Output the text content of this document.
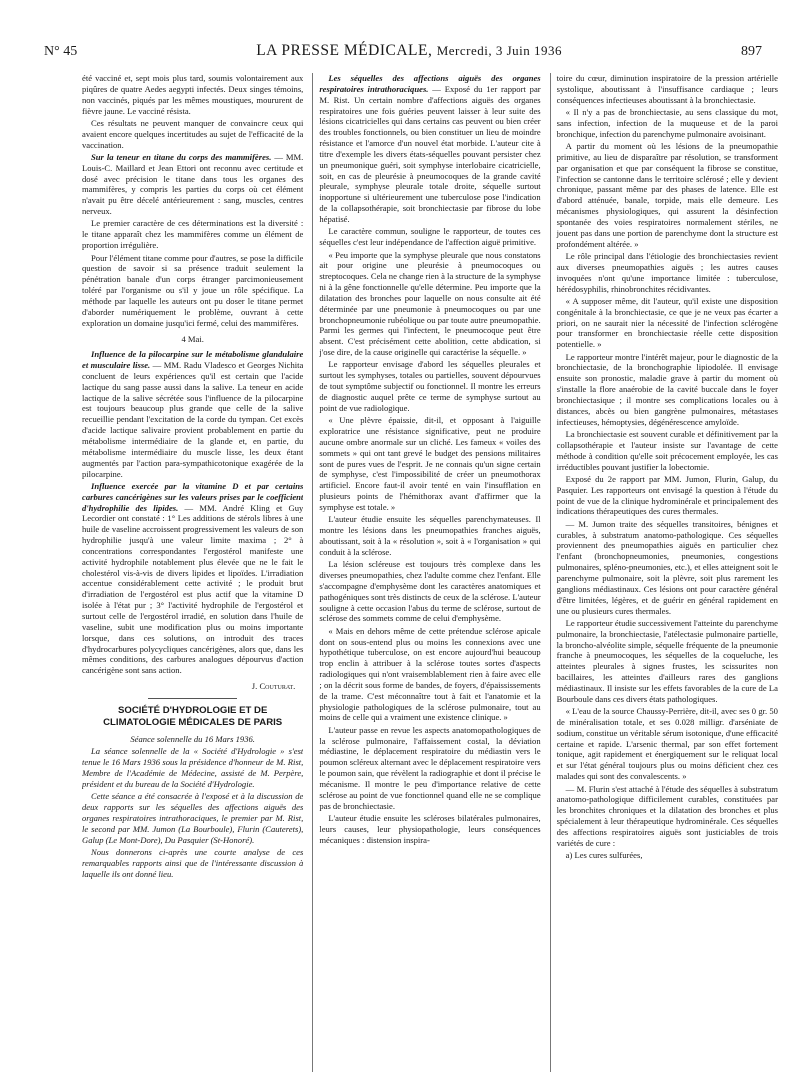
N° 45	LA PRESSE MÉDICALE, Mercredi, 3 Juin 1936	897

été vacciné et, sept mois plus tard, soumis volontairement aux piqûres de quatre Aedes aegypti infectés. Deux singes témoins, non vaccinés, piqués par les mêmes moustiques, moururent de fièvre jaune. Le vacciné résista.

Ces résultats ne peuvent manquer de convaincre ceux qui avaient encore quelques incertitudes au sujet de l'efficacité de la vaccination.

Sur la teneur en titane du corps des mammifères. — MM. Louis-C. Maillard et Jean Ettori ont reconnu avec certitude et dosé avec précision le titane dans tous les organes des mammifères, y compris les parties du corps où cet élément n'avait pu être décelé antérieurement : sang, muscles, centres nerveux.

Le premier caractère de ces déterminations est la diversité : le titane apparaît chez les mammifères comme un élément de proportion irrégulière.

Pour l'élément titane comme pour d'autres, se pose la difficile question de savoir si sa présence traduit seulement la pénétration banale d'un corps étranger parcimonieusement toléré par l'organisme ou s'il y joue un rôle spécifique. La méthode par laquelle les auteurs ont pu doser le titane permet d'aborder numériquement le problème, ouvrant à cette exploration un domaine jusqu'ici fermé, celui des mammifères.

4 Mai.

Influence de la pilocarpine sur le métabolisme glandulaire et musculaire lisse. — MM. Radu Vladesco et Georges Nichita concluent de leurs expériences qu'il est certain que l'acide lactique du sang passe aussi dans la salive. La teneur en acide lactique de la salive sécrétée sous l'influence de la pilocarpine est toujours beaucoup plus grande que celle de la salive recueillie pendant l'excitation de la corde du tympan. Cet excès d'acide lactique salivaire provient probablement en partie du métabolisme intermédiaire de la glande et, en partie, du métabolisme intermédiaire du muscle lisse, les deux étant augmentés par l'action para-sympathicotonique exagérée de la pilocarpine.

Influence exercée par la vitamine D et par certains carbures cancérigènes sur les valeurs prises par le coefficient d'hydrophilie des lipides. — MM. André Kling et Guy Lecordier ont constaté : 1° Les additions de stérols libres à une huile de vaseline accroissent progressivement les valeurs de son hydrophilie jusqu'à une valeur limite maxima ; 2° à concentrations correspondantes l'ergostérol manifeste une activité hydrophile notablement plus élevée que ne le fait le cholestérol vis-à-vis de divers lipides et lipoïdes. L'irradiation accentue considérablement cette activité ; le produit brut d'irradiation de l'ergostérol est plus actif que la vitamine D isolée à l'état pur ; 3° l'activité hydrophile de l'ergostérol et surtout celle de l'ergostérol irradié, en solution dans l'huile de vaseline, subit une modification plus ou moins importante lorsque, dans ces solutions, on introduit des traces d'hydrocarbures polycycliques cancérigènes, alors que, dans les mêmes conditions, des carbures analogues dépourvus d'action cancérigène sont sans action.

J. Couturat.

SOCIÉTÉ D'HYDROLOGIE ET DE CLIMATOLOGIE MÉDICALES DE PARIS

Séance solennelle du 16 Mars 1936.

La séance solennelle de la « Société d'Hydrologie » s'est tenue le 16 Mars 1936 sous la présidence d'honneur de M. Rist, Membre de l'Académie de Médecine, assisté de M. Perpère, président et du bureau de la Société d'Hydrologie.

Cette séance a été consacrée à l'exposé et à la discussion de deux rapports sur les séquelles des affections aiguës des organes respiratoires intrathoraciques, le premier par M. Rist, le second par MM. Jumon (La Bourboule), Flurin (Cauterets), Galup (Le Mont-Dore), Du Pasquier (St-Honoré).

Nous donnerons ci-après une courte analyse de ces remarquables rapports ainsi que de l'intéressante discussion à laquelle ils ont donné lieu.

Les séquelles des affections aiguës des organes respiratoires intrathoraciques. — Exposé du 1er rapport par M. Rist. Un certain nombre d'affections aiguës des organes respiratoires une fois guéries peuvent laisser à leur suite des lésions cicatricielles qui dans certains cas peuvent ou bien créer des troubles fonctionnels, ou bien constituer un lieu de moindre résistance et l'amorce d'un nouvel état morbide. L'auteur cite à titre d'exemple les divers états-séquelles pouvant persister chez un pneumonique guéri, soit symphyse interlobaire cicatricielle, soit, en cas de pleurésie à pneumocoques de la grande cavité pleurale, symphyse pleurale totale droite, séquelle surtout inopportune si ultérieurement une tuberculose pose l'indication de la collapsothérapie, soit bronchiectasie par fibrose du lobe hépatisé.

Le caractère commun, souligne le rapporteur, de toutes ces séquelles c'est leur indépendance de l'affection aiguë primitive.

« Peu importe que la symphyse pleurale que nous constatons ait pour origine une pleurésie à pneumocoques ou streptocoques. Cela ne change rien à la structure de la symphyse ni à la gêne fonctionnelle qu'elle détermine. Peu importe que la dilatation des bronches pour laquelle on nous consulte ait été déterminée par une pneumonie à pneumocoques ou par une bronchopneumonie rubéolique ou par toute autre pneumopathie. Parmi les germes qui l'infectent, le pneumocoque peut être absent. C'est précisément cette abolition, cette abdication, si j'ose dire, de la cause originelle qui caractérise la séquelle. »

Le rapporteur envisage d'abord les séquelles pleurales et surtout les symphyses, totales ou partielles, souvent dépourvues de tout symptôme subjectif ou fonctionnel. Il montre les erreurs de diagnostic auquel prête ce terme de symphyse surtout au point de vue radiologique.

« Une plèvre épaissie, dit-il, et opposant à l'aiguille exploratrice une résistance significative, peut ne produire aucune ombre anormale sur un cliché. Les fameux « voiles des sommets » qui ont tant grevé le budget des pensions militaires sont de pures vues de l'esprit. Je ne connais qu'un signe certain de symphyse, c'est l'impossibilité de créer un pneumothorax artificiel. Encore faut-il avoir tenté en vain l'insufflation en plusieurs points de l'hémithorax avant d'affirmer que la symphyse est totale. »

L'auteur étudie ensuite les séquelles parenchymateuses. Il montre les lésions dans les pneumopathies franches aiguës, aboutissant, soit à la « résolution », soit à « l'organisation » qui conduit à la sclérose.

La lésion scléreuse est toujours très complexe dans les diverses pneumopathies, chez l'adulte comme chez l'enfant. Elle s'accompagne d'emphysème dont les caractères anatomiques et pathogéniques sont très distincts de ceux de la sclérose. L'auteur souligne à cette occasion l'abus du terme de sclérose, surtout de sclérose des sommets comme de celui d'emphysème.

« Mais en dehors même de cette prétendue sclérose apicale dont on sous-entend plus ou moins les connexions avec une hypothétique tuberculose, on est encore aujourd'hui beaucoup trop enclin à attribuer à la sclérose toutes sortes d'aspects radiologiques qui n'ont vraisemblablement rien à faire avec elle ; on la décrit sous forme de bandes, de foyers, d'épaississements de la trame. C'est méconnaître tout à fait et l'anatomie et la physiologie pathologiques de la sclérose pulmonaire, tout au moins de celle qui a vraiment une existence clinique. »

L'auteur passe en revue les aspects anatomopathologiques de la sclérose pulmonaire, l'affaissement costal, la déviation médiastine, le déplacement respiratoire du médiastin vers le poumon scléreux alternant avec le déplacement respiratoire vers le poumon sain, que révèlent la radiographie et dont il précise le mécanisme. Il montre le peu d'importance relative de cette sclérose au point de vue fonctionnel quand elle ne se complique pas de bronchiectasie.

L'auteur étudie ensuite les scléroses bilatérales pulmonaires, leurs causes, leur physiopathologie, leurs conséquences mécaniques : distension inspira-

toire du cœur, diminution inspiratoire de la pression artérielle systolique, aboutissant à l'insuffisance cardiaque ; leurs conséquences infectieuses aboutissant à la bronchiectasie.

« Il n'y a pas de bronchiectasie, au sens classique du mot, sans infection, infection de la muqueuse et de la paroi bronchique, infection du parenchyme pulmonaire avoisinant.

A partir du moment où les lésions de la pneumopathie primitive, au lieu de disparaître par résolution, se transforment par organisation et que par conséquent la fibrose se constitue, l'infection se cantonne dans le territoire sclérosé ; elle y devient chronique, passant même par des phases de latence. Elle est d'abord atténuée, banale, torpide, mais elle demeure. Les mécanismes physiologiques, qui assurent la désinfection spontanée des voies respiratoires normalement stériles, ne jouent pas dans une portion de parenchyme dont la structure est profondément altérée. »

Le rôle principal dans l'étiologie des bronchiectasies revient aux diverses pneumopathies aiguës ; les autres causes invoquées n'ont qu'une importance limitée : tuberculose, hérédosyphilis, rhinobronchites récidivantes.

« A supposer même, dit l'auteur, qu'il existe une disposition congénitale à la bronchiectasie, ce que je ne veux pas écarter a priori, on ne saurait nier la nécessité de l'infection sclérogène pour transformer en bronchiectasie réelle cette disposition potentielle. »

Le rapporteur montre l'intérêt majeur, pour le diagnostic de la bronchiectasie, de la bronchographie lipiodolée. Il envisage ensuite son pronostic, maladie grave à partir du moment où s'installe la flore anaérobie de la cavité buccale dans le foyer bronchiectasique ; il montre ses complications locales ou à distances, abcès ou bien gangrène pulmonaires, métastases infectieuses, hémoptysies, dégénérescence amyloïde.

La bronchiectasie est souvent curable et définitivement par la collapsothérapie et l'auteur insiste sur l'avantage de cette méthode à condition qu'elle soit précocement employée, les cas irréductibles pouvant justifier la lobectomie.

Exposé du 2e rapport par MM. Jumon, Flurin, Galup, du Pasquier. Les rapporteurs ont envisagé la question à l'étude du point de vue de la clinique hydrominérale et principalement des indications thérapeutiques des cures thermales.

— M. Jumon traite des séquelles transitoires, bénignes et curables, à substratum anatomo-pathologique. Ces séquelles proviennent des pneumopathies aiguës en particulier chez l'enfant (bronchopneumonies, pneumonies, congestions pulmonaires, spléno-pneumonies, etc.), et elles atteignent soit le parenchyme pulmonaire, soit la plèvre, soit plus rarement les ganglions médiastinaux. Ces lésions ont pour caractère général d'être limitées, légères, et de guérir en général rapidement en une ou plusieurs cures thermales.

Le rapporteur étudie successivement l'atteinte du parenchyme pulmonaire, la bronchiectasie, l'atélectasie pulmonaire partielle, la broncho-alvéolite simple, séquelle fréquente de la pneumonie franche à pneumocoques, les séquelles de la coqueluche, les atteintes pleurales à signes frustes, les scissurites non bacillaires, les atteintes d'ailleurs rares des ganglions médiastinaux. Il insiste sur les effets favorables de la cure de La Bourboule dans ces divers états pathologiques.

« L'eau de la source Chaussy-Perrière, dit-il, avec ses 0 gr. 50 de minéralisation totale, et ses 0.028 milligr. d'arséniate de sodium, constitue un véritable sérum isotonique, d'une efficacité certaine et rapide. L'arsenic thermal, par son effet fortement tonique, agit rapidement et énergiquement sur le reliquat local et sur l'état général toujours plus ou moins déficient chez ces malades qui sont des convalescents. »

— M. Flurin s'est attaché à l'étude des séquelles à substratum anatomo-pathologique difficilement curables, constituées par les bronchites chroniques et la dilatation des bronches et plus spécialement à leur thérapeutique hydrominérale. Ces séquelles des affections respiratoires aiguës sont justiciables de trois variétés de cure :

a) Les cures sulfurées,
